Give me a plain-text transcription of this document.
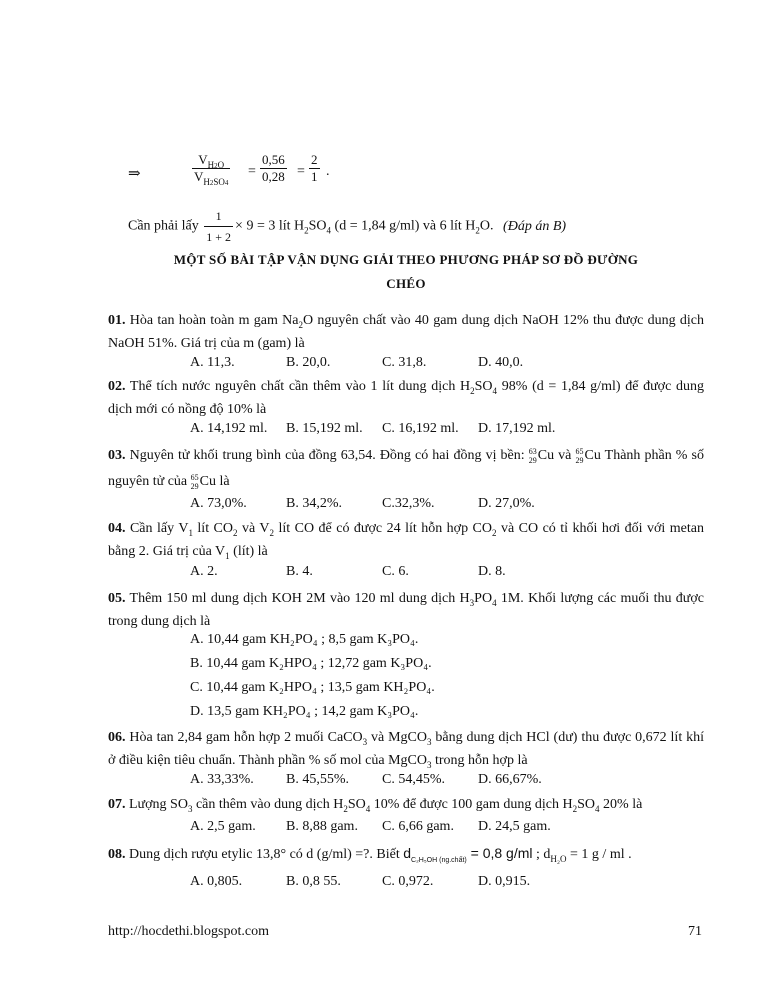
⇒	$\frac{V_{H2O}}{V_{H2SO4}} = \frac{0,56}{0,28} = \frac{2}{1}$ .
Cần phải lấy $\frac{1}{1 + 2} \times 9 = 3$ lít $H_2SO_4$ (d = 1,84 g/ml) và 6 lít $H_2O$. (Đáp án B)
MỘT SỐ BÀI TẬP VẬN DỤNG GIẢI THEO PHƯƠNG PHÁP SƠ ĐỒ ĐƯỜNG
CHÉO
01. Hòa tan hoàn toàn m gam $Na_2O$ nguyên chất vào 40 gam dung dịch NaOH 12% thu được dung dịch NaOH 51%. Giá trị của m (gam) là
A. 11,3.	B. 20,0.	C. 31,8.	D. 40,0.
02. Thể tích nước nguyên chất cần thêm vào 1 lít dung dịch $H_2SO_4$ 98% (d = 1,84 g/ml) để được dung dịch mới có nồng độ 10% là
A. 14,192 ml. B. 15,192 ml. C. 16,192 ml. D. 17,192 ml.
03. Nguyên tử khối trung bình của đồng 63,54. Đồng có hai đồng vị bền: 63
29 Cu và 65
29 Cu Thành phần % số nguyên tử của 65
29 Cu là
A. 73,0%.	B. 34,2%.	C.32,3%.	D. 27,0%.
04. Cần lấy $V_1$ lít $CO_2$ và $V_2$ lít CO để có được 24 lít hỗn hợp $CO_2$ và CO có tỉ khối hơi đối với metan bằng 2. Giá trị của $V_1$ (lít) là
A. 2.	B. 4.	C. 6.	D. 8.
05. Thêm 150 ml dung dịch KOH 2M vào 120 ml dung dịch $H_3PO_4$ 1M. Khối lượng các muối thu được trong dung dịch là
A. 10,44 gam KH₂PO₄ ; 8,5 gam K₃PO₄.
B. 10,44 gam K₂HPO₄ ; 12,72 gam K₃PO₄.
C. 10,44 gam K₂HPO₄ ; 13,5 gam KH₂PO₄.
D. 13,5 gam KH₂PO₄ ; 14,2 gam K₃PO₄.
06. Hòa tan 2,84 gam hỗn hợp 2 muối CaCO$_3$ và MgCO$_3$ bằng dung dịch HCl (dư) thu được 0,672 lít khí ở điều kiện tiêu chuẩn. Thành phần % số mol của MgCO$_3$ trong hỗn hợp là
A. 33,33%. B. 45,55%. C. 54,45%. D. 66,67%.
07. Lượng $SO_3$ cần thêm vào dung dịch $H_2SO_4$ 10% để được 100 gam dung dịch $H_2SO_4$ 20% là
A. 2,5 gam. B. 8,88 gam. C. 6,66 gam. D. 24,5 gam.
08. Dung dịch rượu etylic 13,8° có d (g/ml) =?. Biết $d_{C_2H_5OH (ng.chất)} = 0,8$ g/ml ; $d_{H_2O} = 1$ g / ml .
A. 0,805.	B. 0,8 55.	C. 0,972.	D. 0,915.
http://hocdethi.blogspot.com	71
